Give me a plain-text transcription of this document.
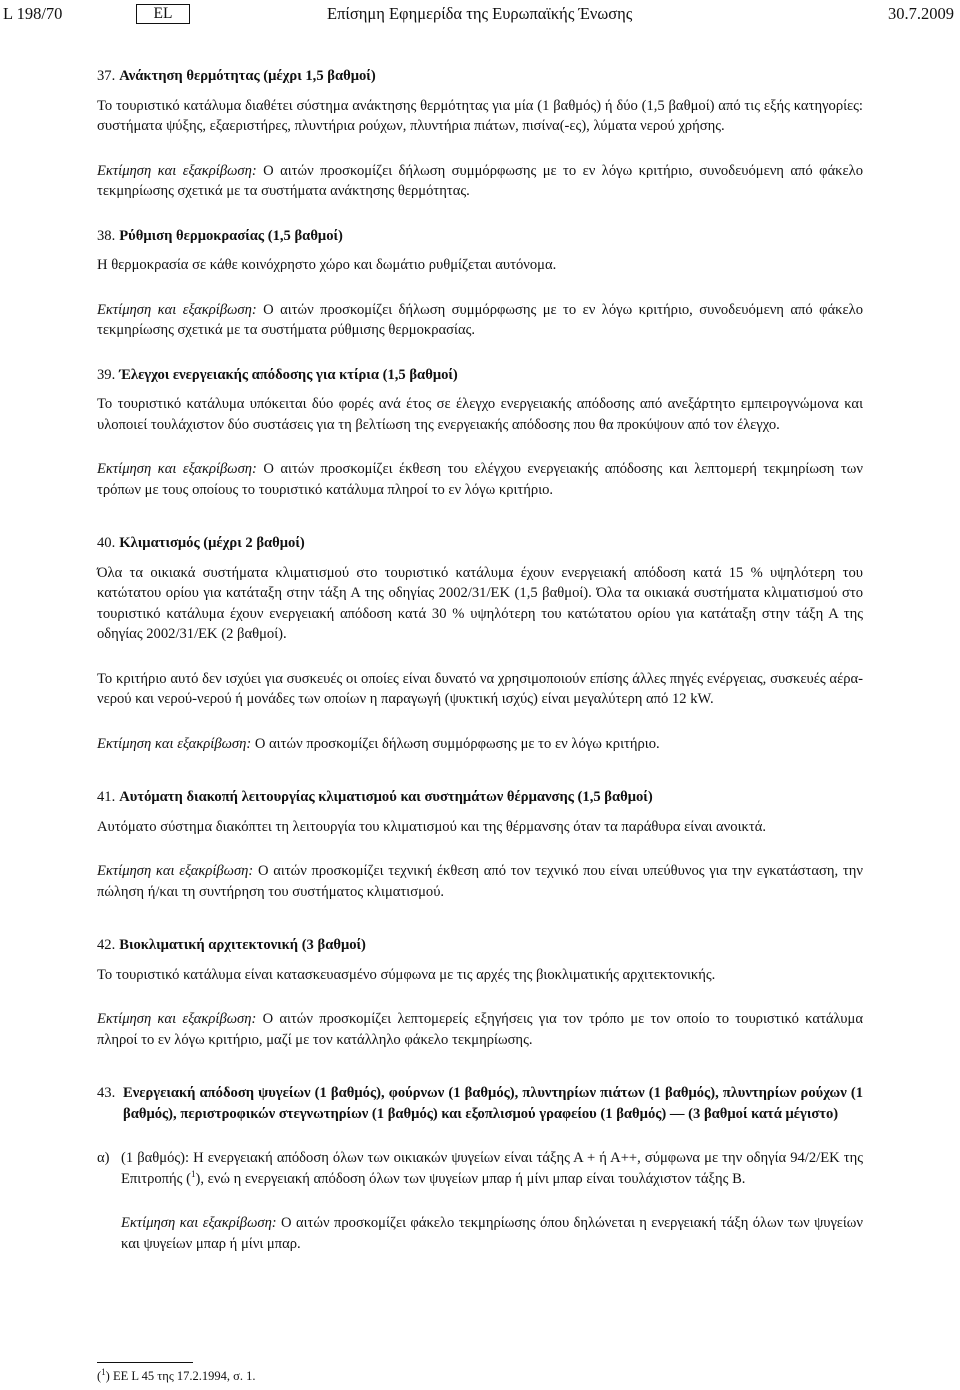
L 198/70	EL	Επίσημη Εφημερίδα της Ευρωπαϊκής Ένωσης	30.7.2009

37. Ανάκτηση θερμότητας (μέχρι 1,5 βαθμοί)

Το τουριστικό κατάλυμα διαθέτει σύστημα ανάκτησης θερμότητας για μία (1 βαθμός) ή δύο (1,5 βαθμοί) από τις εξής κατηγορίες: συστήματα ψύξης, εξαεριστήρες, πλυντήρια ρούχων, πλυντήρια πιάτων, πισίνα(-ες), λύματα νερού χρήσης.

Εκτίμηση και εξακρίβωση: Ο αιτών προσκομίζει δήλωση συμμόρφωσης με το εν λόγω κριτήριο, συνοδευόμενη από φάκελο τεκμηρίωσης σχετικά με τα συστήματα ανάκτησης θερμότητας.

38. Ρύθμιση θερμοκρασίας (1,5 βαθμοί)

Η θερμοκρασία σε κάθε κοινόχρηστο χώρο και δωμάτιο ρυθμίζεται αυτόνομα.

Εκτίμηση και εξακρίβωση: Ο αιτών προσκομίζει δήλωση συμμόρφωσης με το εν λόγω κριτήριο, συνοδευόμενη από φάκελο τεκμηρίωσης σχετικά με τα συστήματα ρύθμισης θερμοκρασίας.

39. Έλεγχοι ενεργειακής απόδοσης για κτίρια (1,5 βαθμοί)

Το τουριστικό κατάλυμα υπόκειται δύο φορές ανά έτος σε έλεγχο ενεργειακής απόδοσης από ανεξάρτητο εμπειρογνώμονα και υλοποιεί τουλάχιστον δύο συστάσεις για τη βελτίωση της ενεργειακής απόδοσης που θα προκύψουν από τον έλεγχο.

Εκτίμηση και εξακρίβωση: Ο αιτών προσκομίζει έκθεση του ελέγχου ενεργειακής απόδοσης και λεπτομερή τεκμηρίωση των τρόπων με τους οποίους το τουριστικό κατάλυμα πληροί το εν λόγω κριτήριο.

40. Κλιματισμός (μέχρι 2 βαθμοί)

Όλα τα οικιακά συστήματα κλιματισμού στο τουριστικό κατάλυμα έχουν ενεργειακή απόδοση κατά 15 % υψηλότερη του κατώτατου ορίου για κατάταξη στην τάξη Α της οδηγίας 2002/31/ΕΚ (1,5 βαθμοί). Όλα τα οικιακά συστήματα κλιματισμού στο τουριστικό κατάλυμα έχουν ενεργειακή απόδοση κατά 30 % υψηλότερη του κατώτατου ορίου για κατάταξη στην τάξη Α της οδηγίας 2002/31/ΕΚ (2 βαθμοί).

Το κριτήριο αυτό δεν ισχύει για συσκευές οι οποίες είναι δυνατό να χρησιμοποιούν επίσης άλλες πηγές ενέργειας, συσκευές αέρα-νερού και νερού-νερού ή μονάδες των οποίων η παραγωγή (ψυκτική ισχύς) είναι μεγαλύτερη από 12 kW.

Εκτίμηση και εξακρίβωση: Ο αιτών προσκομίζει δήλωση συμμόρφωσης με το εν λόγω κριτήριο.

41. Αυτόματη διακοπή λειτουργίας κλιματισμού και συστημάτων θέρμανσης (1,5 βαθμοί)

Αυτόματο σύστημα διακόπτει τη λειτουργία του κλιματισμού και της θέρμανσης όταν τα παράθυρα είναι ανοικτά.

Εκτίμηση και εξακρίβωση: Ο αιτών προσκομίζει τεχνική έκθεση από τον τεχνικό που είναι υπεύθυνος για την εγκατάσταση, την πώληση ή/και τη συντήρηση του συστήματος κλιματισμού.

42. Βιοκλιματική αρχιτεκτονική (3 βαθμοί)

Το τουριστικό κατάλυμα είναι κατασκευασμένο σύμφωνα με τις αρχές της βιοκλιματικής αρχιτεκτονικής.

Εκτίμηση και εξακρίβωση: Ο αιτών προσκομίζει λεπτομερείς εξηγήσεις για τον τρόπο με τον οποίο το τουριστικό κατάλυμα πληροί το εν λόγω κριτήριο, μαζί με τον κατάλληλο φάκελο τεκμηρίωσης.

43. Ενεργειακή απόδοση ψυγείων (1 βαθμός), φούρνων (1 βαθμός), πλυντηρίων πιάτων (1 βαθμός), πλυντηρίων ρούχων (1 βαθμός), περιστροφικών στεγνωτηρίων (1 βαθμός) και εξοπλισμού γραφείου (1 βαθμός) — (3 βαθμοί κατά μέγιστο)
α) (1 βαθμός): Η ενεργειακή απόδοση όλων των οικιακών ψυγείων είναι τάξης Α + ή Α++, σύμφωνα με την οδηγία 94/2/ΕΚ της Επιτροπής ($^1$), ενώ η ενεργειακή απόδοση όλων των ψυγείων μπαρ ή μίνι μπαρ είναι τουλάχιστον τάξης Β.

Εκτίμηση και εξακρίβωση: Ο αιτών προσκομίζει φάκελο τεκμηρίωσης όπου δηλώνεται η ενεργειακή τάξη όλων των ψυγείων και ψυγείων μπαρ ή μίνι μπαρ.

($^1$) ΕΕ L 45 της 17.2.1994, σ. 1.
